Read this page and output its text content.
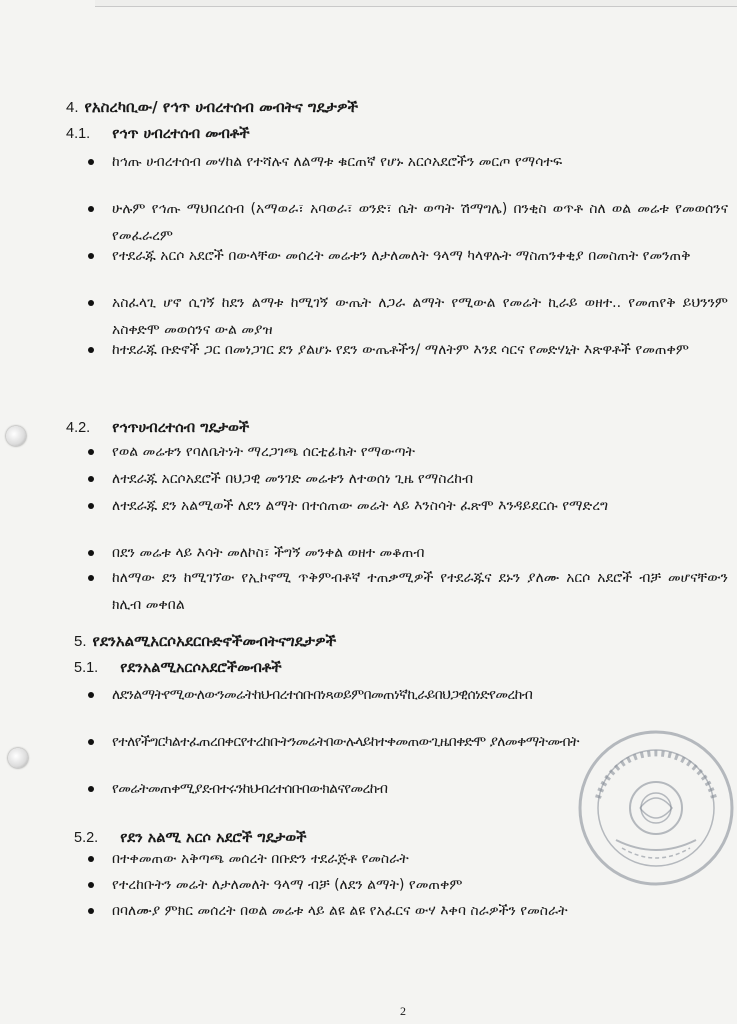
4. የአስረካቢው/ የኅጥ ሀብረተሰብ መብትና ግዴታዎች
4.1. የኅጥ ሀብረተሰብ መብቶች
ከኅጡ ሀብረተሰብ መሃከል የተሻሉና ለልማቱ ቁርጠኛ የሆኑ አርሶአደሮችን መርጦ የማሳተፍ
ሁሉም የኅጡ ማህበረሰብ (አማወራ፣ አባወራ፣ ወንድ፣ ሴት ወጣት ሽማግሌ) በንቂስ ወጥቶ ስለ ወል መሬቱ የመወሰንና የመፈራረም
የተደራጁ አርሶ አደሮች በውላቸው መሰረት መሬቱን ለታለመለት ዓላማ ካላዋሉት ማስጠንቀቂያ በመስጠት የመንጠቅ
አስፈላጊ ሆኖ ሲገኝ ከደን ልማቱ ከሚገኝ ውጤት ለጋራ ልማት የሚውል የመሬት ኪራይ ወዘተ.. የመጠየቅ ይህንንም አስቀድሞ መወሰንና ውል መያዝ
ከተደራጁ ቡድኖች ጋር በመነጋገር ደን ያልሆኑ የደን ውጤቶችን/ ማለትም እንደ ሳርና የመድሃኒት እጽዋቶች የመጠቀም
4.2. የኅጥሀብረተሰብ ግዴታወች
የወል መሬቱን የባለቤትነት ማረጋገጫ ሰርቲፊኬት የማውጣት
ለተደራጁ አርሶአደሮች በህጋዊ መንገድ መሬቱን ለተወሰነ ጊዜ የማስረከብ
ለተደራጁ ደን አልሚወች ለደን ልማት በተሰጠው መሬት ላይ እንስሳት ፈጽሞ እንዳይደርሱ የማድረግ
በደን መሬቱ ላይ እሳት መለኮስ፣ ችግኝ መንቀል ወዘተ መቆጠብ
ከለማው ደን ከሚገኘው የኢኮኖሚ ጥቅምብቶኛ ተጠቃሚዎች የተደራጁና ደኑን ያለሙ አርሶ አደሮች ብቻ መሆናቸውን ክሊብ መቀበል
5. የደንአልሚአርሶአደርቡድኖችመብትናግዴታዎች
5.1. የደንአልሚአርሶአደሮችመብቶች
ለደንልማትየሚውለውንመሬትከህብረተሰቡበነጻወይምበመጠነኛኪራይበህጋዊሰነድየመረከብ
የተለየችግርካልተፈጠረበቀርየተረከቡትንመሬትበውሉላይከተቀመጠውጊዜበቀድሞ ያለመቀማትመብት
የመሬትመጠቀሚያደብተሩንከህብረተሰቡበውክልናየመረከብ
5.2. የደን አልሚ አርሶ አደሮች ግዴታወች
በተቀመጠው አቅጣጫ መሰረት በቡድን ተደራጅቶ የመስራት
የተረከቡትን መሬት ለታለመለት ዓላማ ብቻ (ለደን ልማት) የመጠቀም
በባለሙያ ምክር መሰረት በወል መሬቱ ላይ ልዩ ልዩ የአፈርና ውሃ እቀባ ስራዎችን የመስራት
2
